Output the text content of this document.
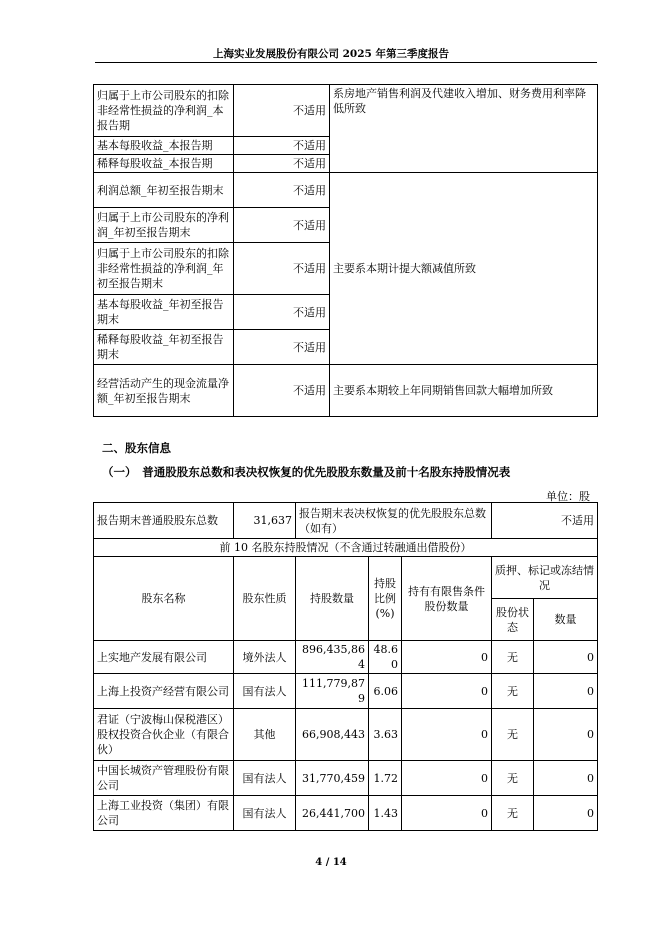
上海实业发展股份有限公司 2025 年第三季度报告
归属于上市公司股东的扣除非经常性损益的净利润_本报告期	不适用	系房地产销售利润及代建收入增加、财务费用利率降低所致
基本每股收益_本报告期	不适用	
稀释每股收益_本报告期	不适用	
利润总额_年初至报告期末	不适用	主要系本期计提大额减值所致
归属于上市公司股东的净利润_年初至报告期末	不适用	
归属于上市公司股东的扣除非经常性损益的净利润_年初至报告期末	不适用	
基本每股收益_年初至报告期末	不适用	
稀释每股收益_年初至报告期末	不适用	
经营活动产生的现金流量净额_年初至报告期末	不适用	主要系本期较上年同期销售回款大幅增加所致
二、股东信息
（一）　普通股股东总数和表决权恢复的优先股股东数量及前十名股东持股情况表
单位：股
报告期末普通股股东总数	31,637	报告期末表决权恢复的优先股股东总数（如有）			不适用	
前 10 名股东持股情况（不含通过转融通出借股份）						
股东名称	股东性质	持股数量	持股比例(%)	持有有限售条件股份数量	质押、标记或冻结情况	
					股份状态	数量
上实地产发展有限公司	境外法人	896,435,864	48.60	0	无	0
上海上投资产经营有限公司	国有法人	111,779,879	6.06	0	无	0
君证（宁波梅山保税港区）股权投资合伙企业（有限合伙）	其他	66,908,443	3.63	0	无	0
中国长城资产管理股份有限公司	国有法人	31,770,459	1.72	0	无	0
上海工业投资（集团）有限公司	国有法人	26,441,700	1.43	0	无	0
4 / 14
